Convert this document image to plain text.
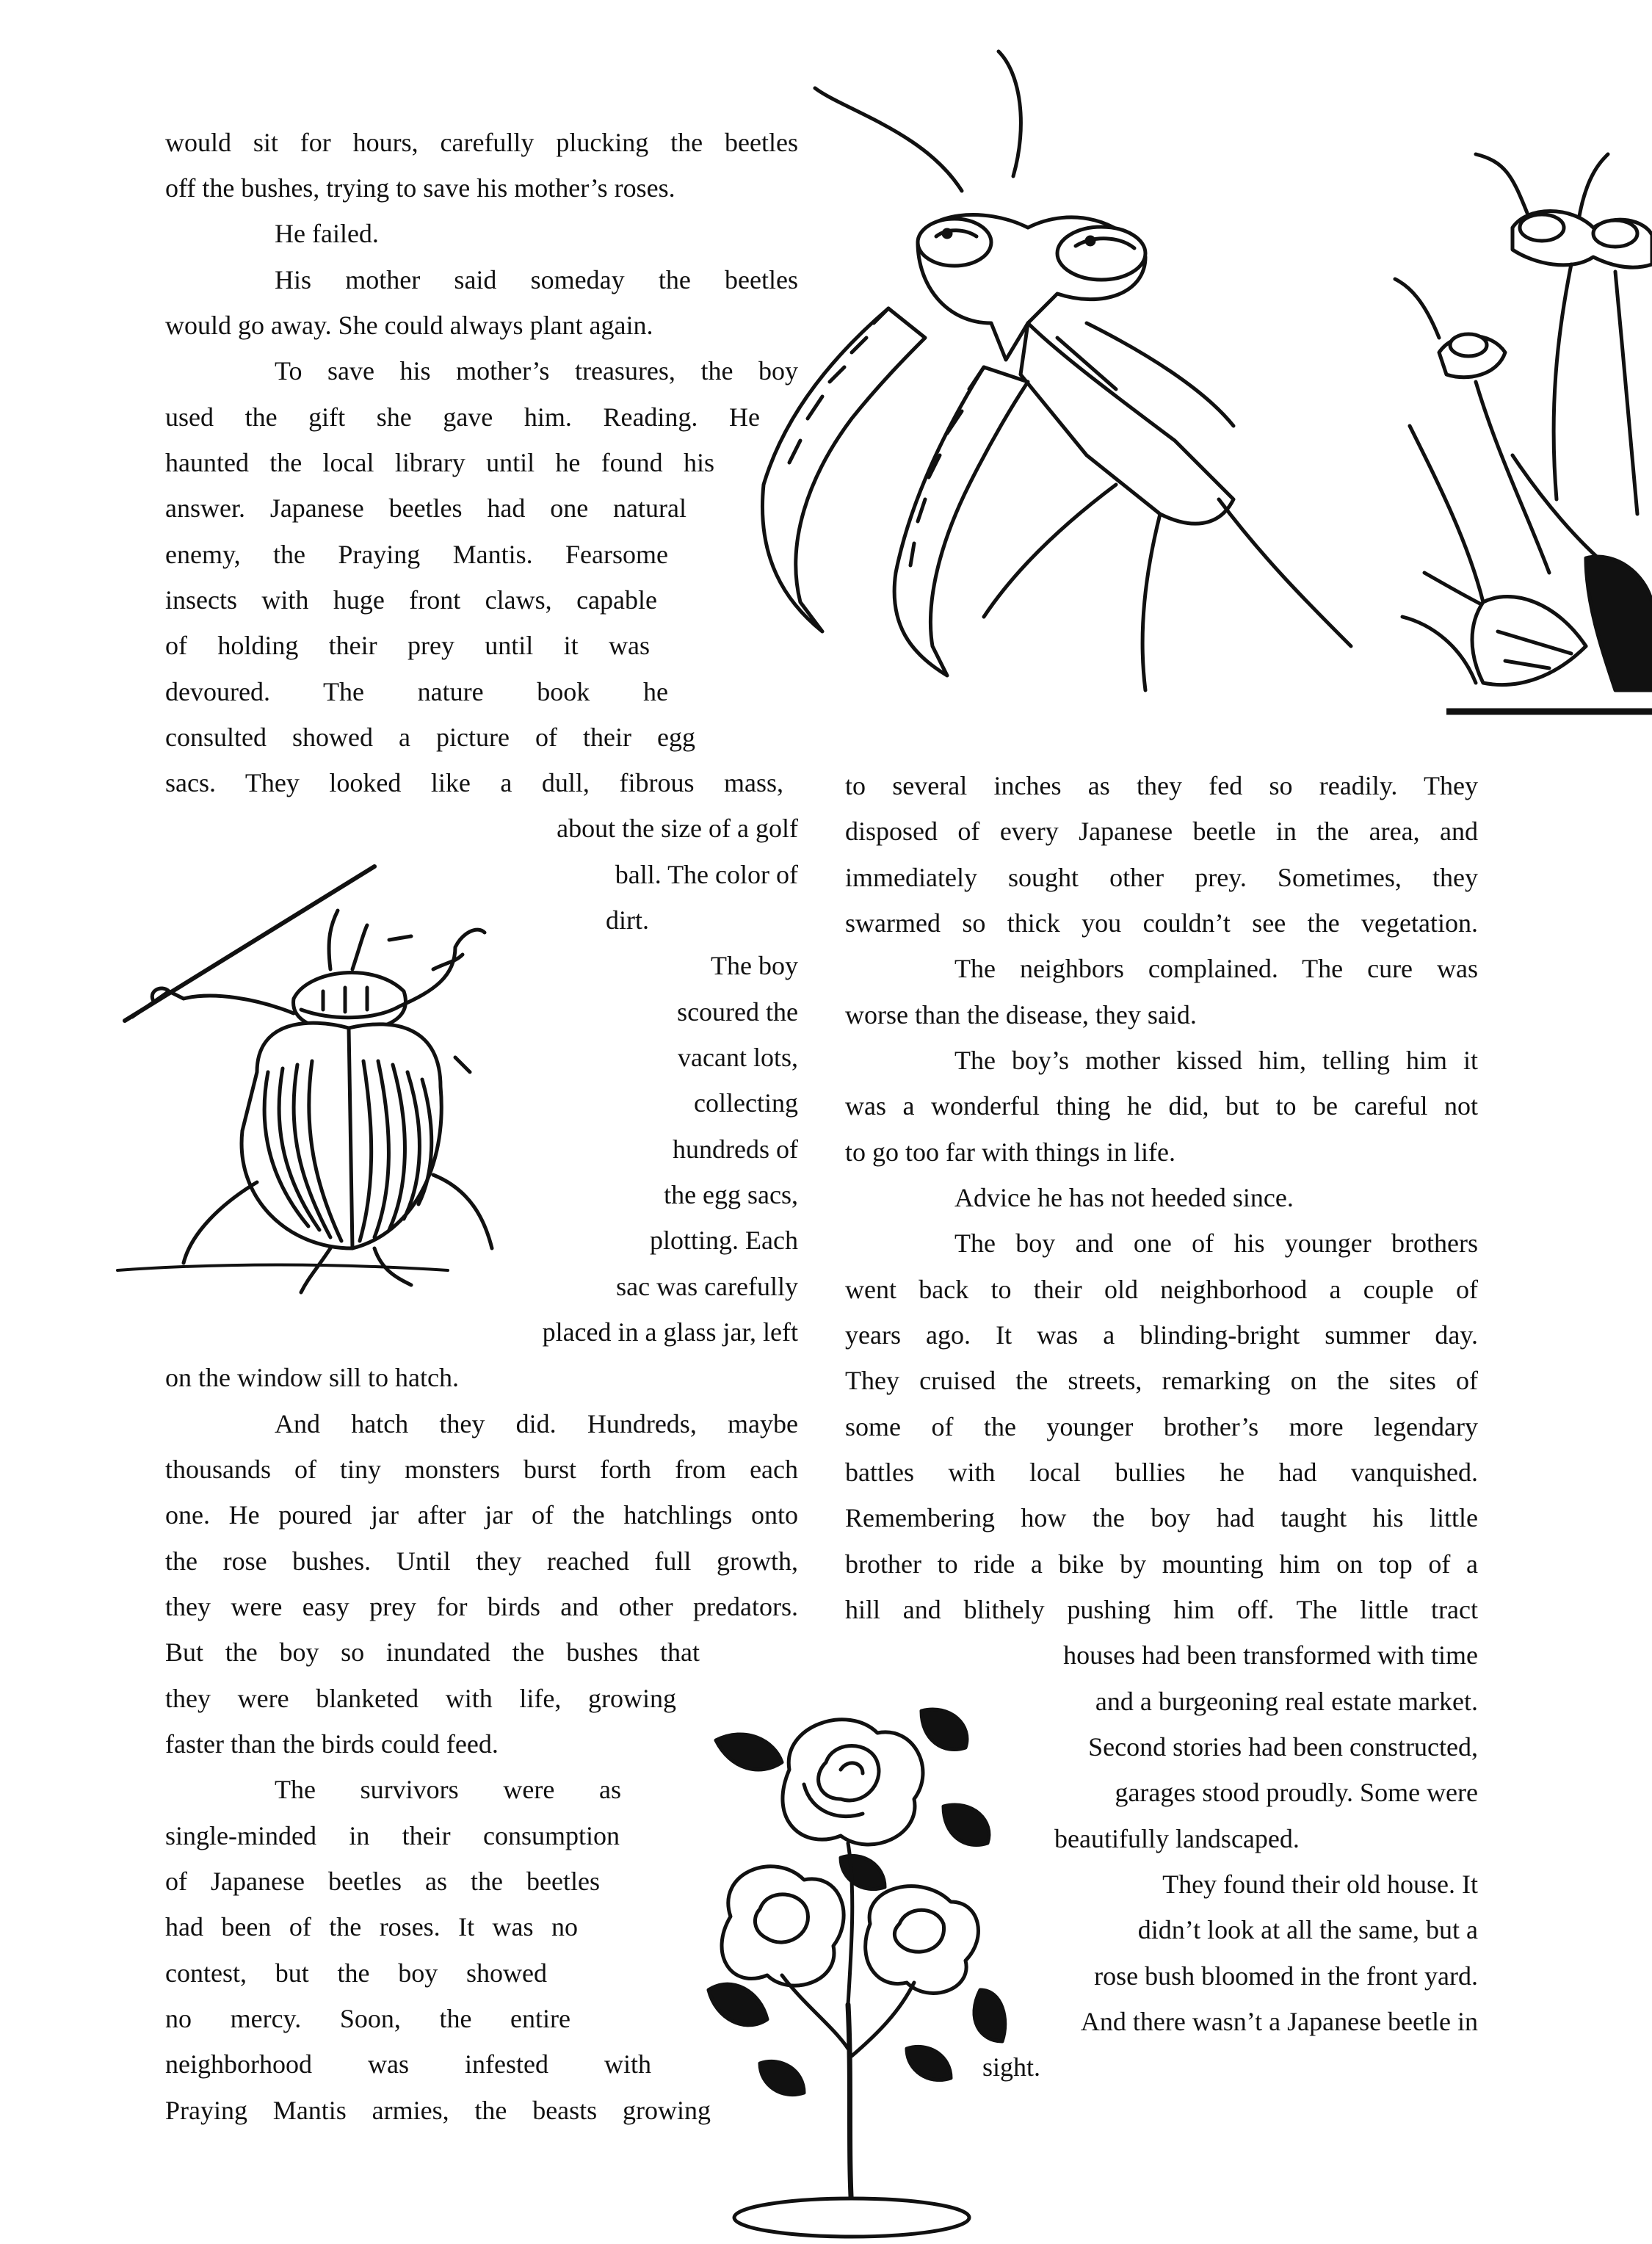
would sit for hours, carefully plucking the beetles
off the bushes, trying to save his mother’s roses.
He failed.
His mother said someday the beetles
would go away. She could always plant again.
To save his mother’s treasures, the boy
used the gift she gave him. Reading. He
haunted the local library until he found his
answer. Japanese beetles had one natural
enemy, the Praying Mantis. Fearsome
insects with huge front claws, capable
of holding their prey until it was
devoured. The nature book he
consulted showed a picture of their egg
sacs. They looked like a dull, fibrous mass,
about the size of a golf
ball. The color of
dirt.
The boy
scoured the
vacant lots,
collecting
hundreds of
the egg sacs,
plotting. Each
sac was carefully
placed in a glass jar, left
on the window sill to hatch.
And hatch they did. Hundreds, maybe
thousands of tiny monsters burst forth from each
one. He poured jar after jar of the hatchlings onto
the rose bushes. Until they reached full growth,
they were easy prey for birds and other predators.
But the boy so inundated the bushes that
they were blanketed with life, growing
faster than the birds could feed.
The survivors were as
single-minded in their consumption
of Japanese beetles as the beetles
had been of the roses. It was no
contest, but the boy showed
no mercy. Soon, the entire
neighborhood was infested with
Praying Mantis armies, the beasts growing
to several inches as they fed so readily. They
disposed of every Japanese beetle in the area, and
immediately sought other prey. Sometimes, they
swarmed so thick you couldn’t see the vegetation.
The neighbors complained. The cure was
worse than the disease, they said.
The boy’s mother kissed him, telling him it
was a wonderful thing he did, but to be careful not
to go too far with things in life.
Advice he has not heeded since.
The boy and one of his younger brothers
went back to their old neighborhood a couple of
years ago. It was a blinding-bright summer day.
They cruised the streets, remarking on the sites of
some of the younger brother’s more legendary
battles with local bullies he had vanquished.
Remembering how the boy had taught his little
brother to ride a bike by mounting him on top of a
hill and blithely pushing him off. The little tract
houses had been transformed with time
and a burgeoning real estate market.
Second stories had been constructed,
garages stood proudly. Some were
beautifully landscaped.
They found their old house. It
didn’t look at all the same, but a
rose bush bloomed in the front yard.
And there wasn’t a Japanese beetle in
sight.
